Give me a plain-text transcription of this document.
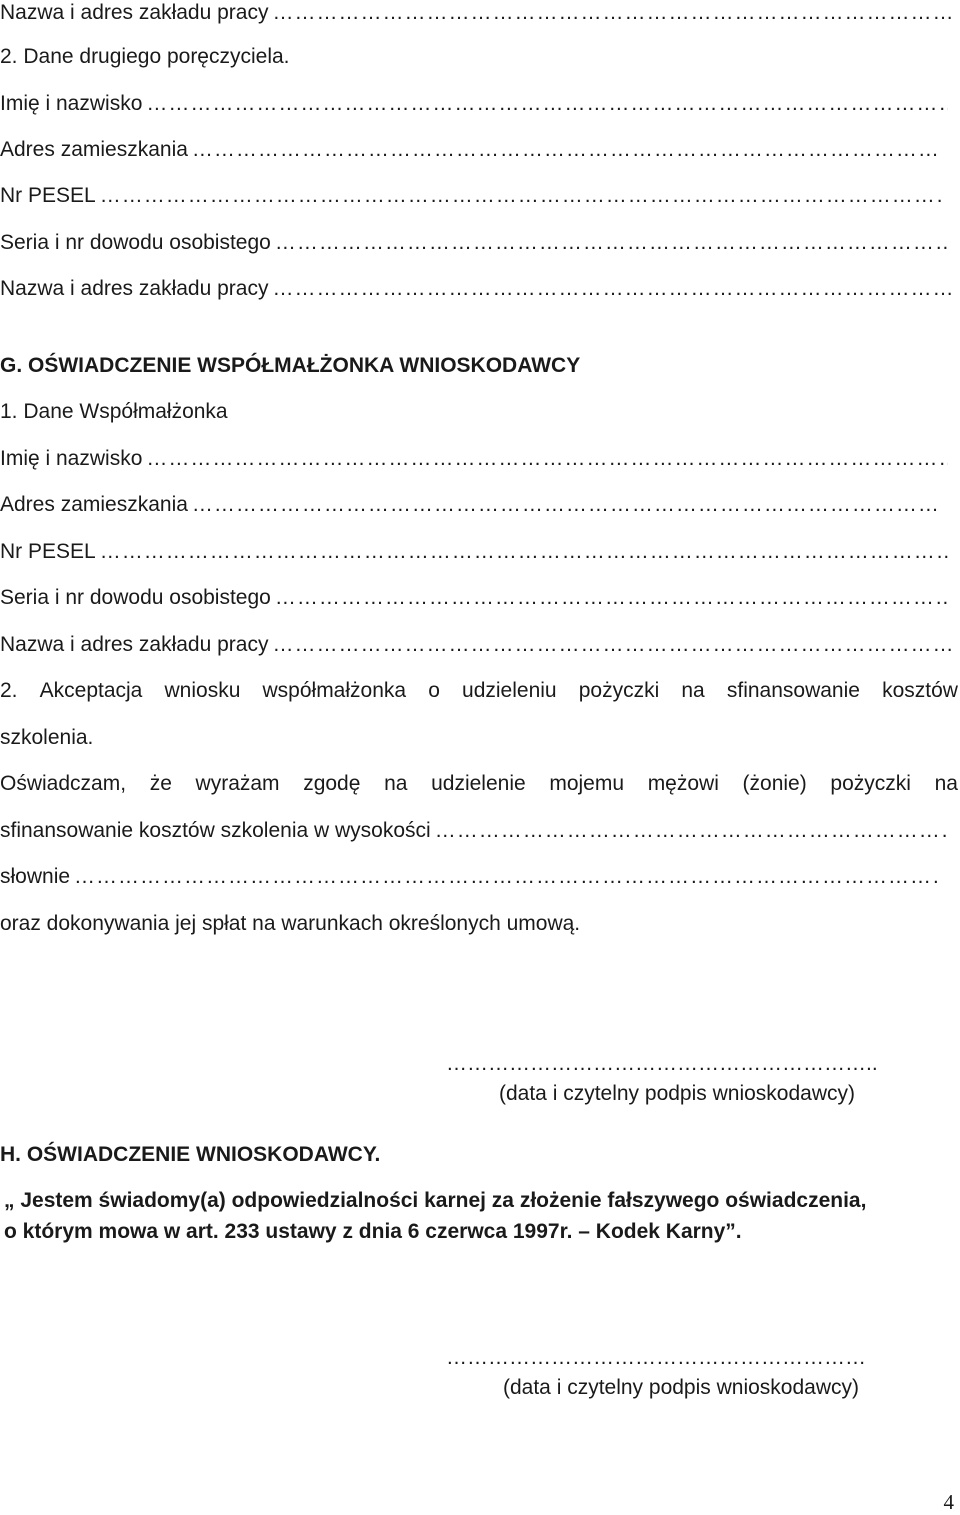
Nazwa i adres zakładu pracy
………………………………………………………………………………………………………………………………………………………………………………………
2. Dane drugiego poręczyciela.
Imię i nazwisko
………………………………………………………………………………………………………………………………………………………………………………………
Adres zamieszkania
………………………………………………………………………………………………………………………………………………………………………………………
Nr PESEL
………………………………………………………………………………………………………………………………………………………………………………………
Seria i nr dowodu osobistego
………………………………………………………………………………………………………………………………………………………………………………………
Nazwa i adres zakładu pracy
………………………………………………………………………………………………………………………………………………………………………………………
G. OŚWIADCZENIE WSPÓŁMAŁŻONKA WNIOSKODAWCY
1. Dane Współmałżonka
Imię i nazwisko
………………………………………………………………………………………………………………………………………………………………………………………
Adres zamieszkania
………………………………………………………………………………………………………………………………………………………………………………………
Nr PESEL
………………………………………………………………………………………………………………………………………………………………………………………
Seria i nr dowodu osobistego
………………………………………………………………………………………………………………………………………………………………………………………
Nazwa i adres zakładu pracy
………………………………………………………………………………………………………………………………………………………………………………………
2. Akceptacja wniosku współmałżonka o udzieleniu pożyczki na sfinansowanie kosztów
szkolenia.
Oświadczam, że wyrażam zgodę na udzielenie mojemu mężowi (żonie) pożyczki na
sfinansowanie kosztów szkolenia w wysokości
………………………………………………………………………………………………………………………………………………………………………………………
słownie
………………………………………………………………………………………………………………………………………………………………………………………
oraz dokonywania jej spłat na warunkach określonych umową.
……………………………………………………..
(data i czytelny podpis wnioskodawcy)
H. OŚWIADCZENIE WNIOSKODAWCY.
„ Jestem świadomy(a) odpowiedzialności karnej za złożenie fałszywego oświadczenia,
o którym mowa w art. 233 ustawy z dnia 6 czerwca 1997r. – Kodek Karny”.
……………………………………………………
(data i czytelny podpis wnioskodawcy)
4
